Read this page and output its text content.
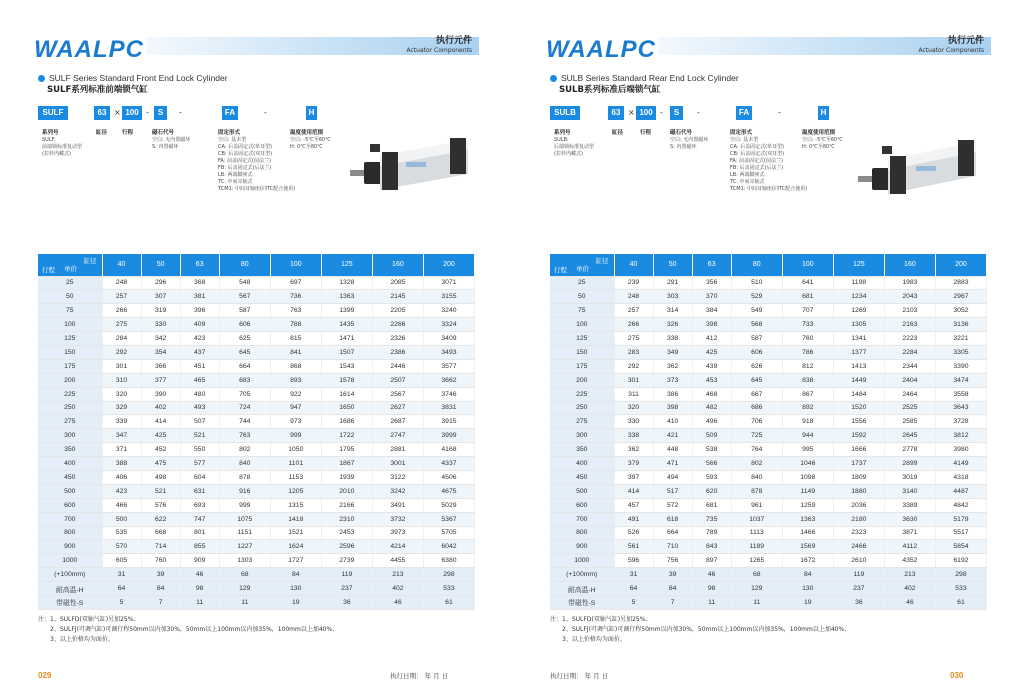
WAALPC	执行元件
Actuator Components
SULF Series Standard Front End Lock Cylinder
SULF系列标准前端锁气缸
SULF	63 × 100 -	S	-	FA	-	H
系列号	缸径	行程	磁石代号	固定形式	温度使用范围
SULF:
前端锁标准复动型
(拉杆内藏式)
空白: 无内置磁环
S: 内置磁环
空白: 基本型
CA: 后盖固定式(单耳型)
CB: 后盖固定式(双耳型)
FA: 前盖固定式(前法兰)
FB: 后盖固定式(后法兰)
LB: 两端脚座式
TC: 中间耳轴式
TCM1: 中间耳轴座(同TC配合使用)
空白: -5℃至60℃
H: 0℃至80℃
缸径
单价
行程	40	50	63	80	100	125	160	200
25	248	296	368	548	697	1328	2085	3071
50	257	307	381	567	736	1363	2145	3155
75	266	319	396	587	763	1399	2205	3240
100	275	330	409	606	788	1435	2266	3324
125	284	342	423	625	815	1471	2326	3409
150	292	354	437	645	841	1507	2386	3493
175	301	366	451	664	868	1543	2446	3577
200	310	377	465	683	893	1578	2507	3662
225	320	390	480	705	922	1614	2567	3746
250	329	402	493	724	947	1650	2627	3831
275	339	414	507	744	973	1686	2687	3915
300	347	425	521	763	999	1722	2747	3999
350	371	452	550	802	1050	1795	2881	4168
400	388	475	577	840	1101	1867	3001	4337
450	406	498	604	878	1153	1939	3122	4506
500	423	521	631	916	1205	2010	3242	4675
600	466	576	693	999	1315	2166	3491	5029
700	500	622	747	1075	1418	2310	3732	5367
800	535	668	801	1151	1521	2453	3973	5705
900	570	714	855	1227	1624	2596	4214	6042
1000	605	760	909	1303	1727	2739	4455	6380
(+100mm)	31	39	46	68	84	119	213	298
耐高温-H	64	84	98	129	130	237	402	533
带磁性-S	5	7	11	11	19	36	46	61
注：1、SULFD(双轴气缸)另加25%；
2、SULFJ(可调气缸)可调行程50mm以内加30%，50mm以上100mm以内加35%，100mm以上加40%；
3、以上价格均为面价。
029	执行日期： 年 月 日
WAALPC	执行元件
Actuator Components
SULB Series Standard Rear End Lock Cylinder
SULB系列标准后端锁气缸
SULB	63 × 100 -	S	-	FA	-	H
系列号	缸径	行程	磁石代号	固定形式	温度使用范围
SULB:
后端锁标准复动型
(拉杆内藏式)
空白: 无内置磁环
S: 内置磁环
空白: 基本型
CA: 后盖固定式(单耳型)
CB: 后盖固定式(双耳型)
FA: 前盖固定式(前法兰)
FB: 后盖固定式(后法兰)
LB: 两端脚座式
TC: 中间耳轴式
TCM1: 中间耳轴座(同TC配合使用)
空白: -5℃至60℃
H: 0℃至80℃
缸径
单价
行程	40	50	63	80	100	125	160	200
25	239	291	356	510	641	1198	1983	2883
50	248	303	370	529	681	1234	2043	2967
75	257	314	384	549	707	1269	2103	3052
100	266	326	398	568	733	1305	2163	3136
125	275	338	412	587	760	1341	2223	3221
150	283	349	425	606	786	1377	2284	3305
175	292	362	439	626	812	1413	2344	3390
200	301	373	453	645	838	1449	2404	3474
225	311	386	468	667	867	1484	2464	3558
250	320	398	482	686	892	1520	2525	3643
275	330	410	496	706	918	1556	2585	3728
300	338	421	509	725	944	1592	2645	3812
350	362	448	538	764	995	1666	2778	3980
400	379	471	566	802	1046	1737	2899	4149
450	397	494	593	840	1098	1809	3019	4318
500	414	517	620	878	1149	1880	3140	4487
600	457	572	681	961	1259	2036	3389	4842
700	491	618	735	1037	1363	2180	3630	5179
800	526	664	789	1113	1466	2323	3871	5517
900	561	710	843	1189	1569	2466	4112	5854
1000	596	756	897	1265	1672	2610	4352	6192
(+100mm)	31	39	46	68	84	119	213	298
耐高温-H	64	84	98	129	130	237	402	533
带磁性-S	5	7	11	11	19	36	46	61
注：1、SULFD(双轴气缸)另加25%；
2、SULFJ(可调气缸)可调行程50mm以内加30%，50mm以上100mm以内加35%，100mm以上加40%；
3、以上价格均为面价。
030
执行日期： 年 月 日
